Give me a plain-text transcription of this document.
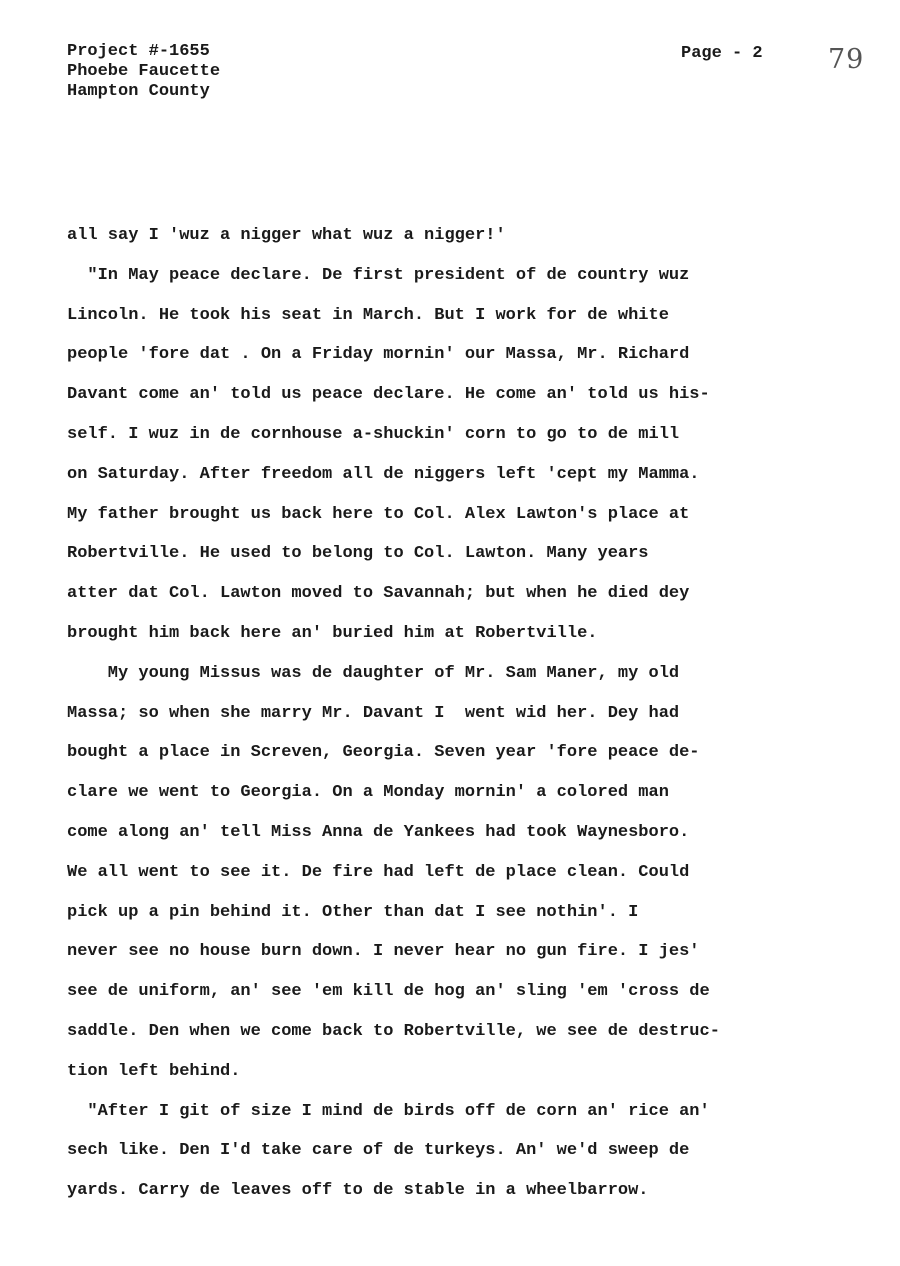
Project #-1655
Phoebe Faucette
Hampton County
Page - 2 79
all say I 'wuz a nigger what wuz a nigger!'
"In May peace declare. De first president of de country wuz
Lincoln. He took his seat in March. But I work for de white
people 'fore dat . On a Friday mornin' our Massa, Mr. Richard
Davant come an' told us peace declare. He come an' told us his-
self. I wuz in de cornhouse a-shuckin' corn to go to de mill
on Saturday. After freedom all de niggers left 'cept my Mamma.
My father brought us back here to Col. Alex Lawton's place at
Robertville. He used to belong to Col. Lawton. Many years
atter dat Col. Lawton moved to Savannah; but when he died dey
brought him back here an' buried him at Robertville.
My young Missus was de daughter of Mr. Sam Maner, my old
Massa; so when she marry Mr. Davant I  went wid her. Dey had
bought a place in Screven, Georgia. Seven year 'fore peace de-
clare we went to Georgia. On a Monday mornin' a colored man
come along an' tell Miss Anna de Yankees had took Waynesboro.
We all went to see it. De fire had left de place clean. Could
pick up a pin behind it. Other than dat I see nothin'. I
never see no house burn down. I never hear no gun fire. I jes'
see de uniform, an' see 'em kill de hog an' sling 'em 'cross de
saddle. Den when we come back to Robertville, we see de destruc-
tion left behind.
"After I git of size I mind de birds off de corn an' rice an'
sech like. Den I'd take care of de turkeys. An' we'd sweep de
yards. Carry de leaves off to de stable in a wheelbarrow.
